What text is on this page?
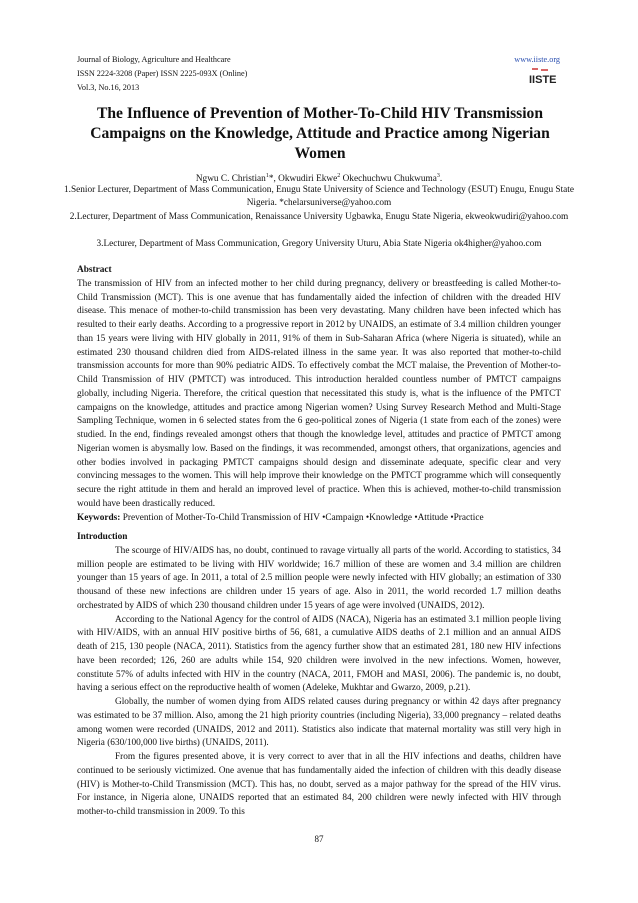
Journal of Biology, Agriculture and Healthcare
ISSN 2224-3208 (Paper) ISSN 2225-093X (Online)
Vol.3, No.16, 2013
www.iiste.org
IISTE
The Influence of Prevention of Mother-To-Child HIV Transmission Campaigns on the Knowledge, Attitude and Practice among Nigerian Women
Ngwu C. Christian$^1$*, Okwudiri Ekwe$^2$ Okechuchwu Chukwuma$^3$.
1.Senior Lecturer, Department of Mass Communication, Enugu State University of Science and Technology (ESUT) Enugu, Enugu State Nigeria. *chelarsuniverse@yahoo.com
2.Lecturer, Department of Mass Communication, Renaissance University Ugbawka, Enugu State Nigeria, ekweokwudiri@yahoo.com
3.Lecturer, Department of Mass Communication, Gregory University Uturu, Abia State Nigeria ok4higher@yahoo.com
Abstract

The transmission of HIV from an infected mother to her child during pregnancy, delivery or breastfeeding is called Mother-to-Child Transmission (MCT). This is one avenue that has fundamentally aided the infection of children with the dreaded HIV disease. This menace of mother-to-child transmission has been very devastating. Many children have been infected which has resulted to their early deaths. According to a progressive report in 2012 by UNAIDS, an estimate of 3.4 million children younger than 15 years were living with HIV globally in 2011, 91% of them in Sub-Saharan Africa (where Nigeria is situated), while an estimated 230 thousand children died from AIDS-related illness in the same year. It was also reported that mother-to-child transmission accounts for more than 90% pediatric AIDS. To effectively combat the MCT malaise, the Prevention of Mother-to-Child Transmission of HIV (PMTCT) was introduced. This introduction heralded countless number of PMTCT campaigns globally, including Nigeria. Therefore, the critical question that necessitated this study is, what is the influence of the PMTCT campaigns on the knowledge, attitudes and practice among Nigerian women? Using Survey Research Method and Multi-Stage Sampling Technique, women in 6 selected states from the 6 geo-political zones of Nigeria (1 state from each of the zones) were studied. In the end, findings revealed amongst others that though the knowledge level, attitudes and practice of PMTCT among Nigerian women is abysmally low. Based on the findings, it was recommended, amongst others, that organizations, agencies and other bodies involved in packaging PMTCT campaigns should design and disseminate adequate, specific clear and very convincing messages to the women. This will help improve their knowledge on the PMTCT programme which will consequently secure the right attitude in them and herald an improved level of practice. When this is achieved, mother-to-child transmission would have been drastically reduced.

Keywords: Prevention of Mother-To-Child Transmission of HIV •Campaign •Knowledge •Attitude •Practice

Introduction

The scourge of HIV/AIDS has, no doubt, continued to ravage virtually all parts of the world. According to statistics, 34 million people are estimated to be living with HIV worldwide; 16.7 million of these are women and 3.4 million are children younger than 15 years of age. In 2011, a total of 2.5 million people were newly infected with HIV globally; an estimation of 330 thousand of these new infections are children under 15 years of age. Also in 2011, the world recorded 1.7 million deaths orchestrated by AIDS of which 230 thousand children under 15 years of age were involved (UNAIDS, 2012).

According to the National Agency for the control of AIDS (NACA), Nigeria has an estimated 3.1 million people living with HIV/AIDS, with an annual HIV positive births of 56, 681, a cumulative AIDS deaths of 2.1 million and an annual AIDS death of 215, 130 people (NACA, 2011). Statistics from the agency further show that an estimated 281, 180 new HIV infections have been recorded; 126, 260 are adults while 154, 920 children were involved in the new infections. Women, however, constitute 57% of adults infected with HIV in the country (NACA, 2011, FMOH and MASI, 2006). The pandemic is, no doubt, having a serious effect on the reproductive health of women (Adeleke, Mukhtar and Gwarzo, 2009, p.21).

Globally, the number of women dying from AIDS related causes during pregnancy or within 42 days after pregnancy was estimated to be 37 million. Also, among the 21 high priority countries (including Nigeria), 33,000 pregnancy – related deaths among women were recorded (UNAIDS, 2012 and 2011). Statistics also indicate that maternal mortality was still very high in Nigeria (630/100,000 live births) (UNAIDS, 2011).

From the figures presented above, it is very correct to aver that in all the HIV infections and deaths, children have continued to be seriously victimized. One avenue that has fundamentally aided the infection of children with this deadly disease (HIV) is Mother-to-Child Transmission (MCT). This has, no doubt, served as a major pathway for the spread of the HIV virus. For instance, in Nigeria alone, UNAIDS reported that an estimated 84, 200 children were newly infected with HIV through mother-to-child transmission in 2009. To this

87
